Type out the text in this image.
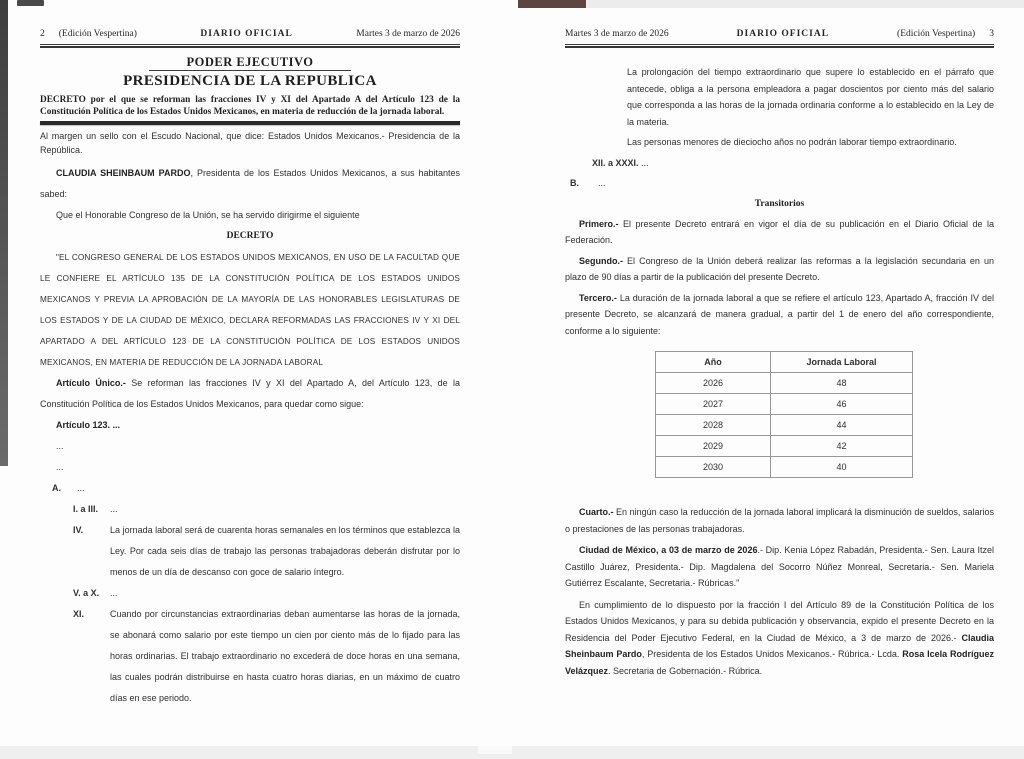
2 (Edición Vespertina)	DIARIO OFICIAL	Martes 3 de marzo de 2026
PODER EJECUTIVO
PRESIDENCIA DE LA REPUBLICA

DECRETO por el que se reforman las fracciones IV y XI del Apartado A del Artículo 123 de la Constitución Política de los Estados Unidos Mexicanos, en materia de reducción de la jornada laboral.

Al margen un sello con el Escudo Nacional, que dice: Estados Unidos Mexicanos.- Presidencia de la República.

CLAUDIA SHEINBAUM PARDO, Presidenta de los Estados Unidos Mexicanos, a sus habitantes sabed:

Que el Honorable Congreso de la Unión, se ha servido dirigirme el siguiente

DECRETO

"EL CONGRESO GENERAL DE LOS ESTADOS UNIDOS MEXICANOS, EN USO DE LA FACULTAD QUE LE CONFIERE EL ARTÍCULO 135 DE LA CONSTITUCIÓN POLÍTICA DE LOS ESTADOS UNIDOS MEXICANOS Y PREVIA LA APROBACIÓN DE LA MAYORÍA DE LAS HONORABLES LEGISLATURAS DE LOS ESTADOS Y DE LA CIUDAD DE MÉXICO, DECLARA REFORMADAS LAS FRACCIONES IV Y XI DEL APARTADO A DEL ARTÍCULO 123 DE LA CONSTITUCIÓN POLÍTICA DE LOS ESTADOS UNIDOS MEXICANOS, EN MATERIA DE REDUCCIÓN DE LA JORNADA LABORAL

Artículo Único.- Se reforman las fracciones IV y XI del Apartado A, del Artículo 123, de la Constitución Política de los Estados Unidos Mexicanos, para quedar como sigue:

Artículo 123. ...

...

...

A. ...

I. a III. ...

IV.	La jornada laboral será de cuarenta horas semanales en los términos que establezca la Ley. Por cada seis días de trabajo las personas trabajadoras deberán disfrutar por lo menos de un día de descanso con goce de salario íntegro.

V. a X. ...

XI.	Cuando por circunstancias extraordinarias deban aumentarse las horas de la jornada, se abonará como salario por este tiempo un cien por ciento más de lo fijado para las horas ordinarias. El trabajo extraordinario no excederá de doce horas en una semana, las cuales podrán distribuirse en hasta cuatro horas diarias, en un máximo de cuatro días en ese periodo.

Martes 3 de marzo de 2026	DIARIO OFICIAL	(Edición Vespertina) 3

La prolongación del tiempo extraordinario que supere lo establecido en el párrafo que antecede, obliga a la persona empleadora a pagar doscientos por ciento más del salario que corresponda a las horas de la jornada ordinaria conforme a lo establecido en la Ley de la materia.

Las personas menores de dieciocho años no podrán laborar tiempo extraordinario.

XII. a XXXI. ...

B. ...

Transitorios

Primero.- El presente Decreto entrará en vigor el día de su publicación en el Diario Oficial de la Federación.

Segundo.- El Congreso de la Unión deberá realizar las reformas a la legislación secundaria en un plazo de 90 días a partir de la publicación del presente Decreto.

Tercero.- La duración de la jornada laboral a que se refiere el artículo 123, Apartado A, fracción IV del presente Decreto, se alcanzará de manera gradual, a partir del 1 de enero del año correspondiente, conforme a lo siguiente:

Año	Jornada Laboral
2026	48
2027	46
2028	44
2029	42
2030	40

Cuarto.- En ningún caso la reducción de la jornada laboral implicará la disminución de sueldos, salarios o prestaciones de las personas trabajadoras.

Ciudad de México, a 03 de marzo de 2026.- Dip. Kenia López Rabadán, Presidenta.- Sen. Laura Itzel Castillo Juárez, Presidenta.- Dip. Magdalena del Socorro Núñez Monreal, Secretaria.- Sen. Mariela Gutiérrez Escalante, Secretaria.- Rúbricas."

En cumplimiento de lo dispuesto por la fracción I del Artículo 89 de la Constitución Política de los Estados Unidos Mexicanos, y para su debida publicación y observancia, expido el presente Decreto en la Residencia del Poder Ejecutivo Federal, en la Ciudad de México, a 3 de marzo de 2026.- Claudia Sheinbaum Pardo, Presidenta de los Estados Unidos Mexicanos.- Rúbrica.- Lcda. Rosa Icela Rodríguez Velázquez. Secretaria de Gobernación.- Rúbrica.
